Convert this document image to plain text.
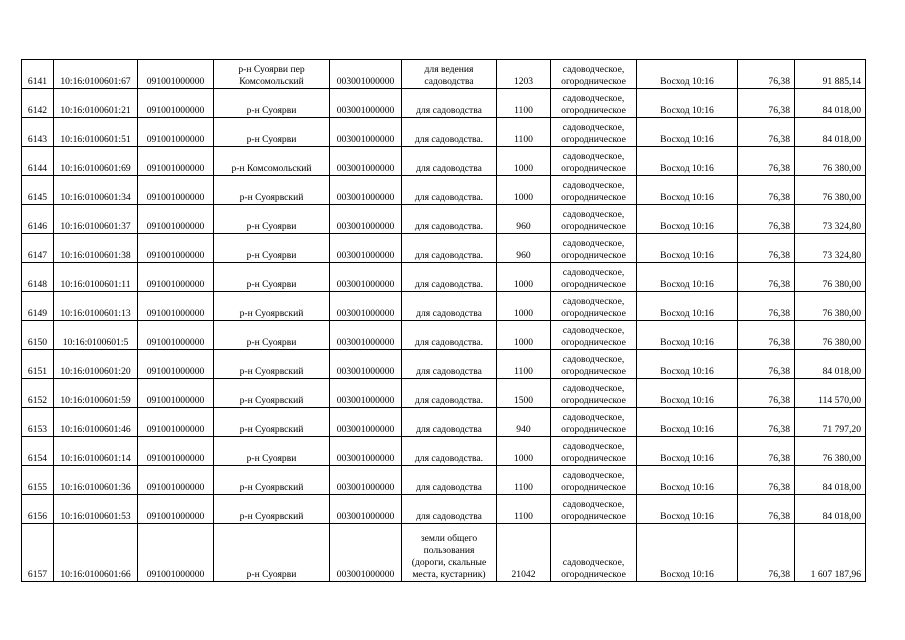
6141	10:16:0100601:67	091001000000	р-н Суоярви пер
Комсомольский	003001000000	для ведения
садоводства	1203	садоводческое,
огородническое	Восход 10:16	76,38	91 885,14
6142	10:16:0100601:21	091001000000	р-н Суоярви	003001000000	для садоводства	1100	садоводческое,
огородническое	Восход 10:16	76,38	84 018,00
6143	10:16:0100601:51	091001000000	р-н Суоярви	003001000000	для садоводства.	1100	садоводческое,
огородническое	Восход 10:16	76,38	84 018,00
6144	10:16:0100601:69	091001000000	р-н Комсомольский	003001000000	для садоводства	1000	садоводческое,
огородническое	Восход 10:16	76,38	76 380,00
6145	10:16:0100601:34	091001000000	р-н Суоярвский	003001000000	для садоводства.	1000	садоводческое,
огородническое	Восход 10:16	76,38	76 380,00
6146	10:16:0100601:37	091001000000	р-н Суоярви	003001000000	для садоводства.	960	садоводческое,
огородническое	Восход 10:16	76,38	73 324,80
6147	10:16:0100601:38	091001000000	р-н Суоярви	003001000000	для садоводства.	960	садоводческое,
огородническое	Восход 10:16	76,38	73 324,80
6148	10:16:0100601:11	091001000000	р-н Суоярви	003001000000	для садоводства.	1000	садоводческое,
огородническое	Восход 10:16	76,38	76 380,00
6149	10:16:0100601:13	091001000000	р-н Суоярвский	003001000000	для садоводства	1000	садоводческое,
огородническое	Восход 10:16	76,38	76 380,00
6150	10:16:0100601:5	091001000000	р-н Суоярви	003001000000	для садоводства.	1000	садоводческое,
огородническое	Восход 10:16	76,38	76 380,00
6151	10:16:0100601:20	091001000000	р-н Суоярвский	003001000000	для садоводства	1100	садоводческое,
огородническое	Восход 10:16	76,38	84 018,00
6152	10:16:0100601:59	091001000000	р-н Суоярвский	003001000000	для садоводства.	1500	садоводческое,
огородническое	Восход 10:16	76,38	114 570,00
6153	10:16:0100601:46	091001000000	р-н Суоярвский	003001000000	для садоводства	940	садоводческое,
огородническое	Восход 10:16	76,38	71 797,20
6154	10:16:0100601:14	091001000000	р-н Суоярви	003001000000	для садоводства.	1000	садоводческое,
огородническое	Восход 10:16	76,38	76 380,00
6155	10:16:0100601:36	091001000000	р-н Суоярвский	003001000000	для садоводства	1100	садоводческое,
огородническое	Восход 10:16	76,38	84 018,00
6156	10:16:0100601:53	091001000000	р-н Суоярвский	003001000000	для садоводства	1100	садоводческое,
огородническое	Восход 10:16	76,38	84 018,00
6157	10:16:0100601:66	091001000000	р-н Суоярви	003001000000	земли общего
пользования
(дороги, скальные
места, кустарник)	21042	садоводческое,
огородническое	Восход 10:16	76,38	1 607 187,96
